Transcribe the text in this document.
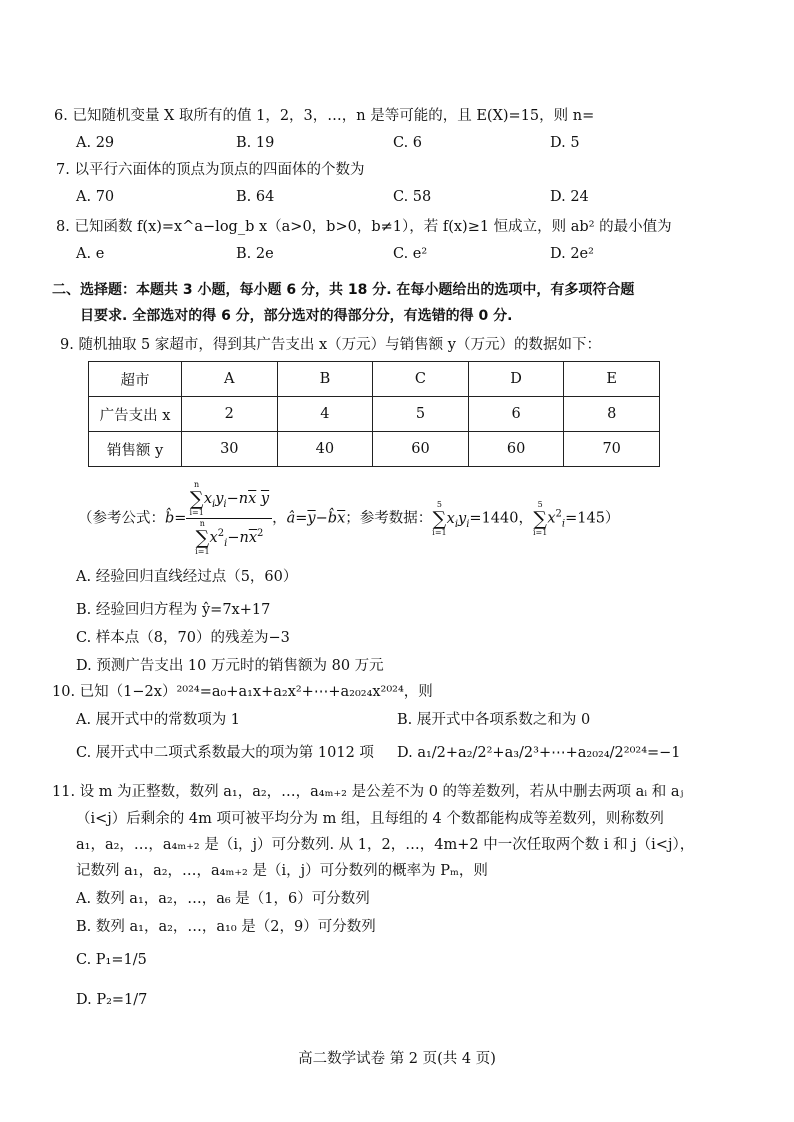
6. 已知随机变量 X 取所有的值 1，2，3，…，n 是等可能的，且 E(X)=15，则 n=
A. 29	B. 19	C. 6	D. 5
7. 以平行六面体的顶点为顶点的四面体的个数为
A. 70	B. 64	C. 58	D. 24
8. 已知函数 f(x)=x^a−log_b x（a>0，b>0，b≠1），若 f(x)≥1 恒成立，则 ab² 的最小值为
A. e	B. 2e	C. e²	D. 2e²
二、选择题：本题共 3 小题，每小题 6 分，共 18 分. 在每小题给出的选项中，有多项符合题
目要求. 全部选对的得 6 分，部分选对的得部分分，有选错的得 0 分.
9. 随机抽取 5 家超市，得到其广告支出 x（万元）与销售额 y（万元）的数据如下：
超市	A	B	C	D	E
广告支出 x	2	4	5	6	8
销售额 y	30	40	60	60	70
（参考公式：b̂= n
∑
i=1
$x_iy_i-n\overline{x}$ $\overline{y}$
n
∑
i=1
$x^2_i-n\overline{x}^2$ ，$â=\overline{y}-b̂\overline{x}$；参考数据：
5
∑
i=1
$x_iy_i=1440$，
5
∑
i=1
$x^2_i=145$）
A. 经验回归直线经过点（5，60）
B. 经验回归方程为 ŷ=7x+17
C. 样本点（8，70）的残差为−3
D. 预测广告支出 10 万元时的销售额为 80 万元
10. 已知（1−2x）²⁰²⁴=a₀+a₁x+a₂x²+⋯+a₂₀₂₄x²⁰²⁴，则
A. 展开式中的常数项为 1	B. 展开式中各项系数之和为 0
C. 展开式中二项式系数最大的项为第 1012 项 D. a₁/2+a₂/2²+a₃/2³+⋯+a₂₀₂₄/2²⁰²⁴=−1
11. 设 m 为正整数，数列 a₁，a₂，…，a₄ₘ₊₂ 是公差不为 0 的等差数列，若从中删去两项 aᵢ 和 aⱼ
（i<j）后剩余的 4m 项可被平均分为 m 组，且每组的 4 个数都能构成等差数列，则称数列
a₁，a₂，…，a₄ₘ₊₂ 是（i，j）可分数列. 从 1，2，…，4m+2 中一次任取两个数 i 和 j（i<j），
记数列 a₁，a₂，…，a₄ₘ₊₂ 是（i，j）可分数列的概率为 Pₘ，则
A. 数列 a₁，a₂，…，a₆ 是（1，6）可分数列
B. 数列 a₁，a₂，…，a₁₀ 是（2，9）可分数列
C. P₁=1/5
D. P₂=1/7
高二数学试卷 第 2 页(共 4 页)
